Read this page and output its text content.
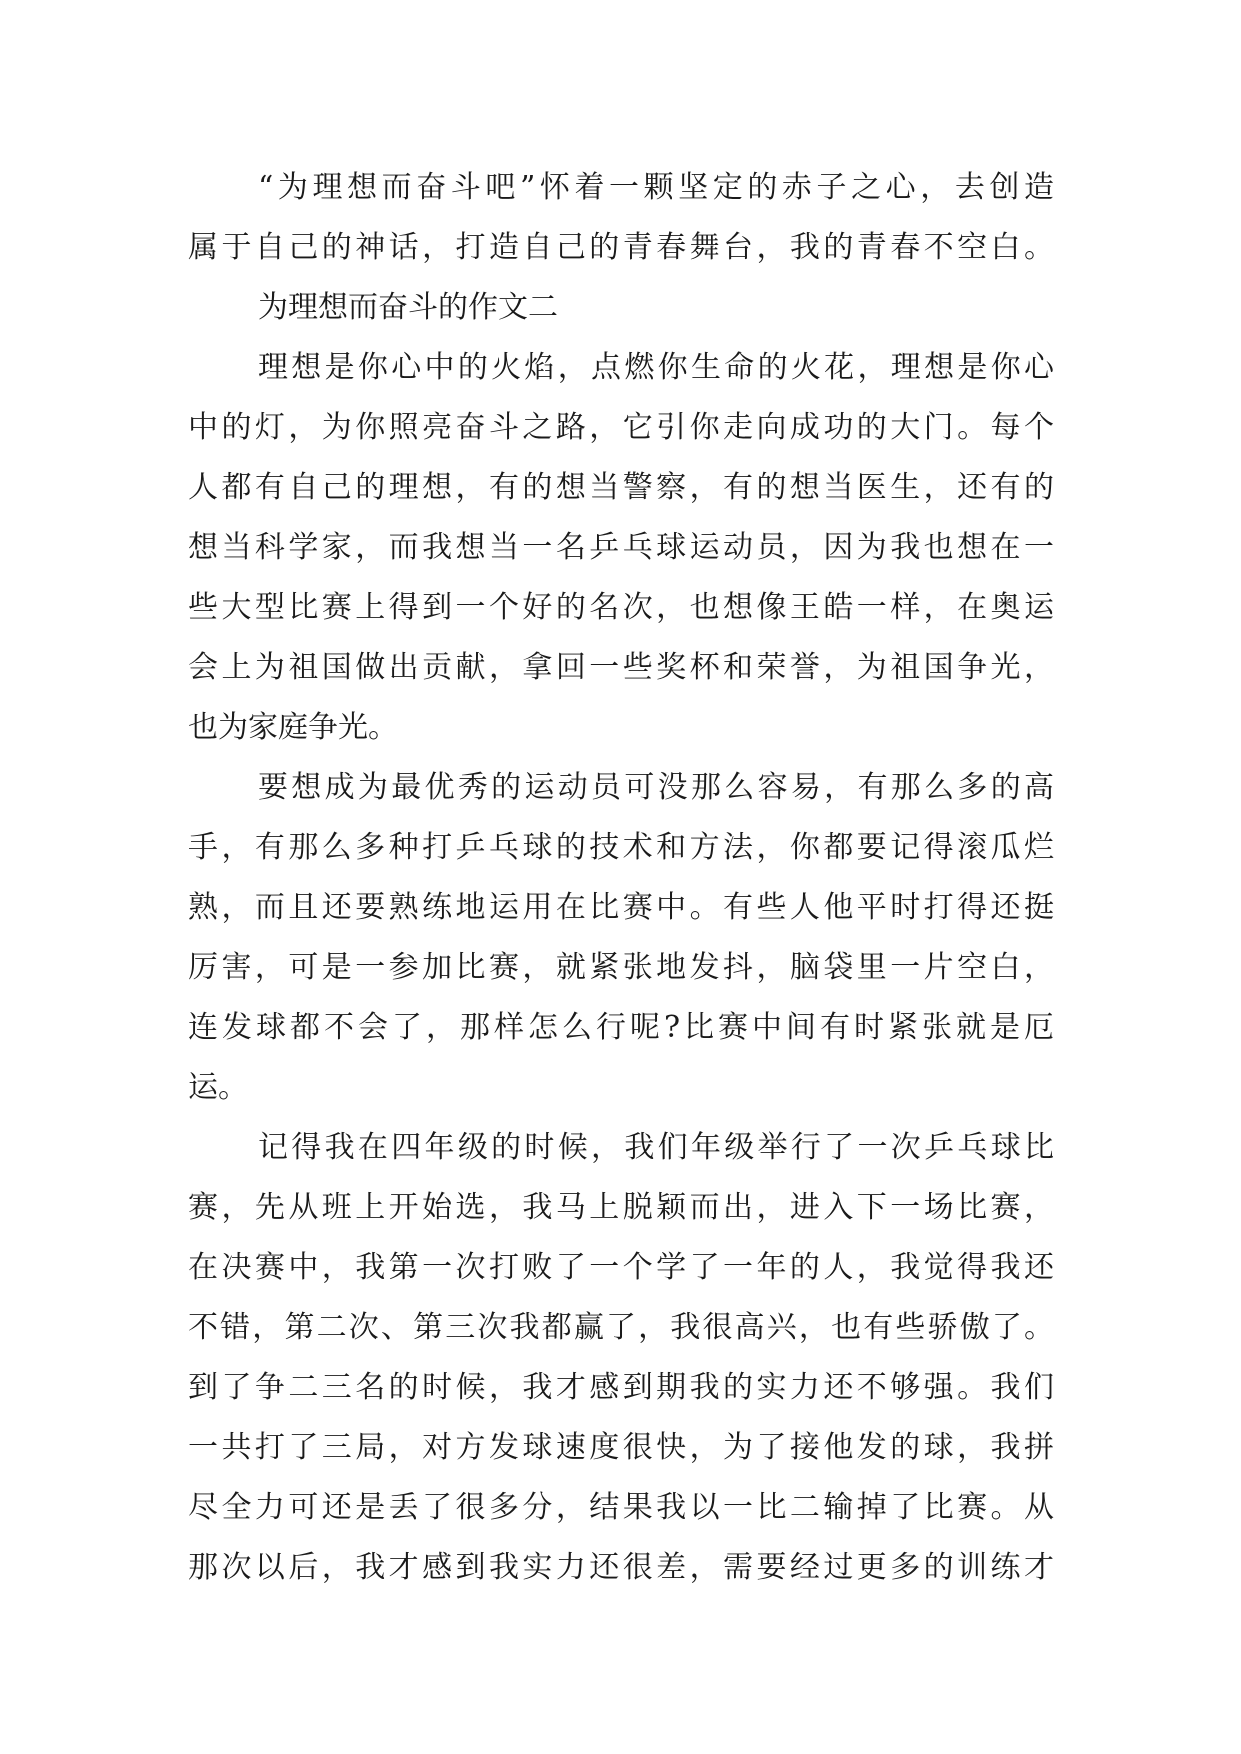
“为理想而奋斗吧”怀着一颗坚定的赤子之心，去创造
属于自己的神话，打造自己的青春舞台，我的青春不空白。
为理想而奋斗的作文二
理想是你心中的火焰，点燃你生命的火花，理想是你心
中的灯，为你照亮奋斗之路，它引你走向成功的大门。每个
人都有自己的理想，有的想当警察，有的想当医生，还有的
想当科学家，而我想当一名乒乓球运动员，因为我也想在一
些大型比赛上得到一个好的名次，也想像王皓一样，在奥运
会上为祖国做出贡献，拿回一些奖杯和荣誉，为祖国争光，
也为家庭争光。
要想成为最优秀的运动员可没那么容易，有那么多的高
手，有那么多种打乒乓球的技术和方法，你都要记得滚瓜烂
熟，而且还要熟练地运用在比赛中。有些人他平时打得还挺
厉害，可是一参加比赛，就紧张地发抖，脑袋里一片空白，
连发球都不会了，那样怎么行呢?比赛中间有时紧张就是厄
运。
记得我在四年级的时候，我们年级举行了一次乒乓球比
赛，先从班上开始选，我马上脱颖而出，进入下一场比赛，
在决赛中，我第一次打败了一个学了一年的人，我觉得我还
不错，第二次、第三次我都赢了，我很高兴，也有些骄傲了。
到了争二三名的时候，我才感到期我的实力还不够强。我们
一共打了三局，对方发球速度很快，为了接他发的球，我拼
尽全力可还是丢了很多分，结果我以一比二输掉了比赛。从
那次以后，我才感到我实力还很差，需要经过更多的训练才
